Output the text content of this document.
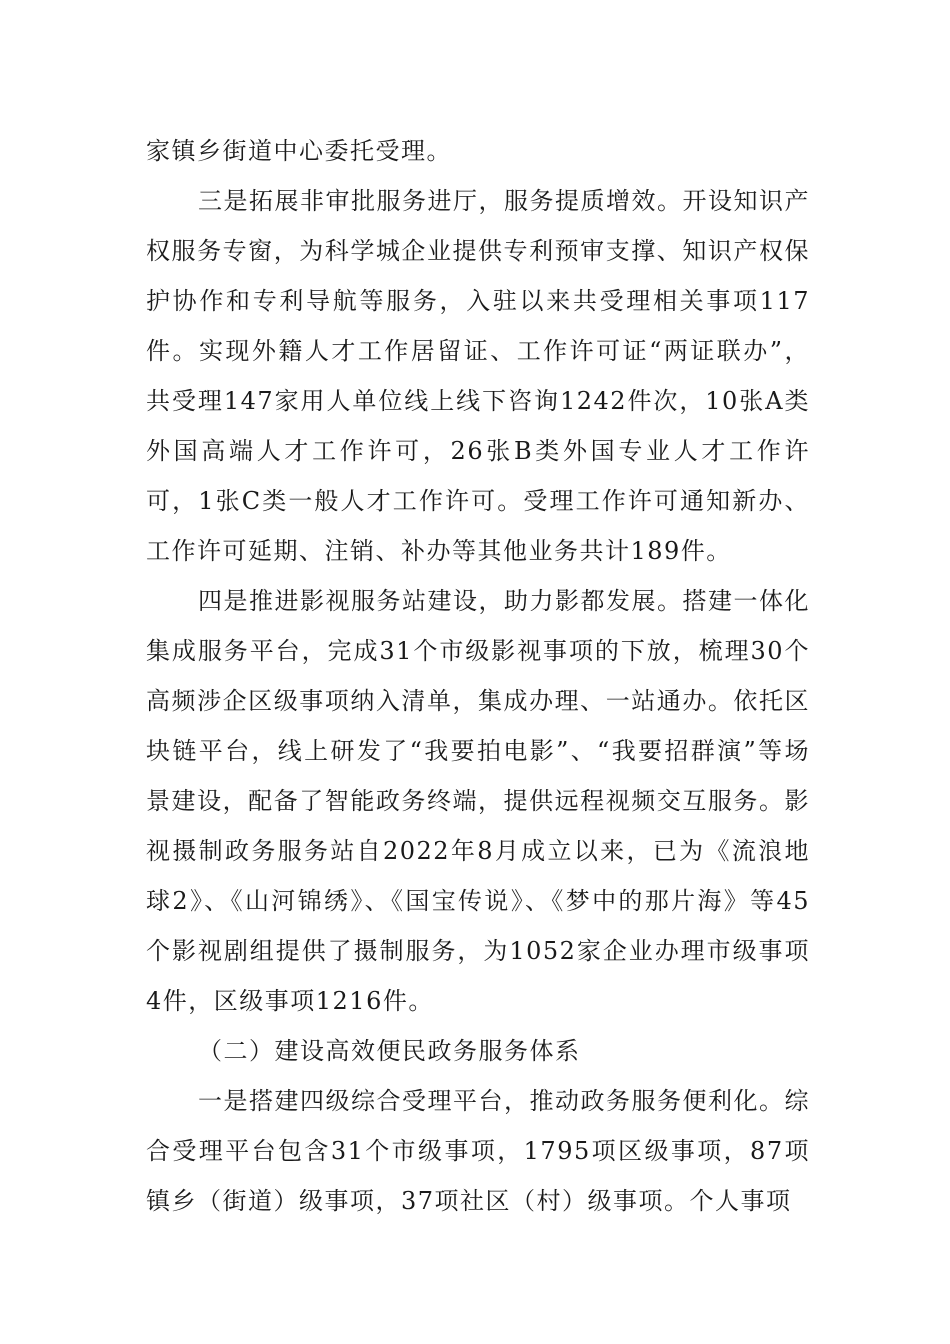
家镇乡街道中心委托受理。

三是拓展非审批服务进厅，服务提质增效。开设知识产权服务专窗，为科学城企业提供专利预审支撑、知识产权保护协作和专利导航等服务，入驻以来共受理相关事项117件。实现外籍人才工作居留证、工作许可证“两证联办”，共受理147家用人单位线上线下咨询1242件次，10张A类外国高端人才工作许可，26张B类外国专业人才工作许可，1张C类一般人才工作许可。受理工作许可通知新办、工作许可延期、注销、补办等其他业务共计189件。

四是推进影视服务站建设，助力影都发展。搭建一体化集成服务平台，完成31个市级影视事项的下放，梳理30个高频涉企区级事项纳入清单，集成办理、一站通办。依托区块链平台，线上研发了“我要拍电影”、“我要招群演”等场景建设，配备了智能政务终端，提供远程视频交互服务。影视摄制政务服务站自2022年8月成立以来，已为《流浪地球2》、《山河锦绣》、《国宝传说》、《梦中的那片海》等45个影视剧组提供了摄制服务，为1052家企业办理市级事项4件，区级事项1216件。

（二）建设高效便民政务服务体系

一是搭建四级综合受理平台，推动政务服务便利化。综合受理平台包含31个市级事项，1795项区级事项，87项镇乡（街道）级事项，37项社区（村）级事项。个人事项
